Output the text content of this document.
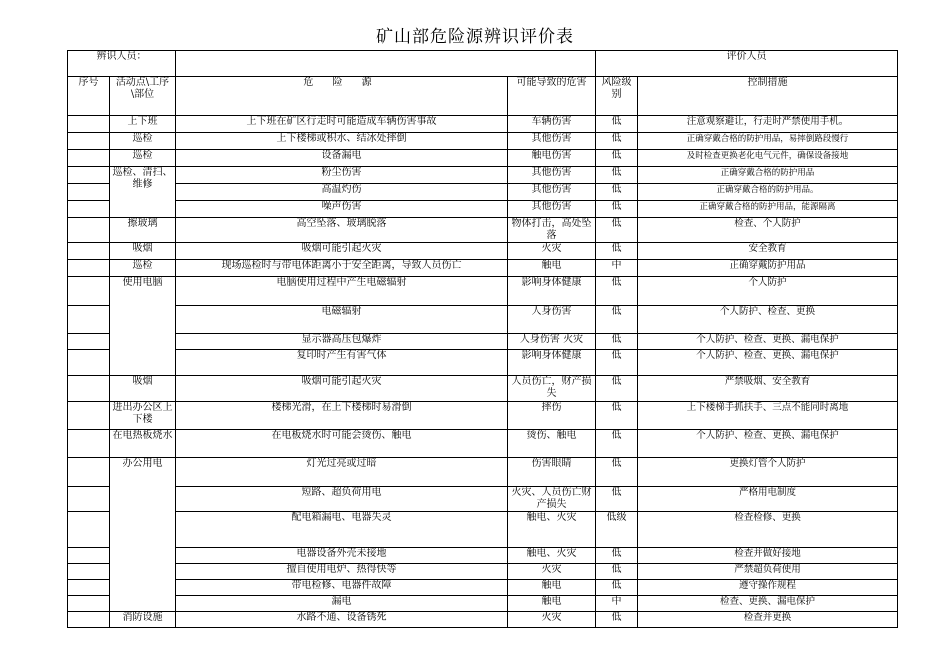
矿山部危险源辨识评价表
辨识人员：				评价人员	
序号	活动点\工序\部位	危 险 源	可能导致的危害	风险级别	控制措施
	上下班	上下班在矿区行走时可能造成车辆伤害事故	车辆伤害	低	注意观察避让，行走时严禁使用手机。
	巡检	上下楼梯或积水、结冰处摔倒	其他伤害	低	正确穿戴合格的防护用品，易摔倒路段慢行
	巡检	设备漏电	触电伤害	低	及时检查更换老化电气元件，确保设备接地
	巡检、清扫、维修	粉尘伤害	其他伤害	低	正确穿戴合格的防护用品
		高温灼伤	其他伤害	低	正确穿戴合格的防护用品。
		噪声伤害	其他伤害	低	正确穿戴合格的防护用品，能源隔离
	擦玻璃	高空坠落、玻璃脱落	物体打击，高处坠落	低	检查、个人防护
	吸烟	吸烟可能引起火灾	火灾	低	安全教育
	巡检	现场巡检时与带电体距离小于安全距离，导致人员伤亡	触电	中	正确穿戴防护用品
	使用电脑	电脑使用过程中产生电磁辐射	影响身体健康	低	个人防护
		电磁辐射	人身伤害	低	个人防护、检查、更换
		显示器高压包爆炸	人身伤害 火灾	低	个人防护、检查、更换、漏电保护
		复印时产生有害气体	影响身体健康	低	个人防护、检查、更换、漏电保护
	吸烟	吸烟可能引起火灾	人员伤亡，财产损失	低	严禁吸烟、安全教育
	进出办公区上下楼	楼梯光滑，在上下楼梯时易滑倒	摔伤	低	上下楼梯手抓扶手、三点不能同时离地
	在电热板烧水	在电板烧水时可能会烫伤、触电	烫伤、触电	低	个人防护、检查、更换、漏电保护
	办公用电	灯光过亮或过暗	伤害眼睛	低	更换灯管个人防护
		短路、超负荷用电	火灾、人员伤亡财产损失	低	严格用电制度
		配电箱漏电、电器失灵	触电、火灾	低级	检查检修、更换
		电器设备外壳未接地	触电、火灾	低	检查并做好接地
		擅自使用电炉、热得快等	火灾	低	严禁超负荷使用
		带电检修、电器件故障	触电	低	遵守操作规程
		漏电	触电	中	检查、更换、漏电保护
	消防设施	水路不通、设备锈死	火灾	低	检查并更换
